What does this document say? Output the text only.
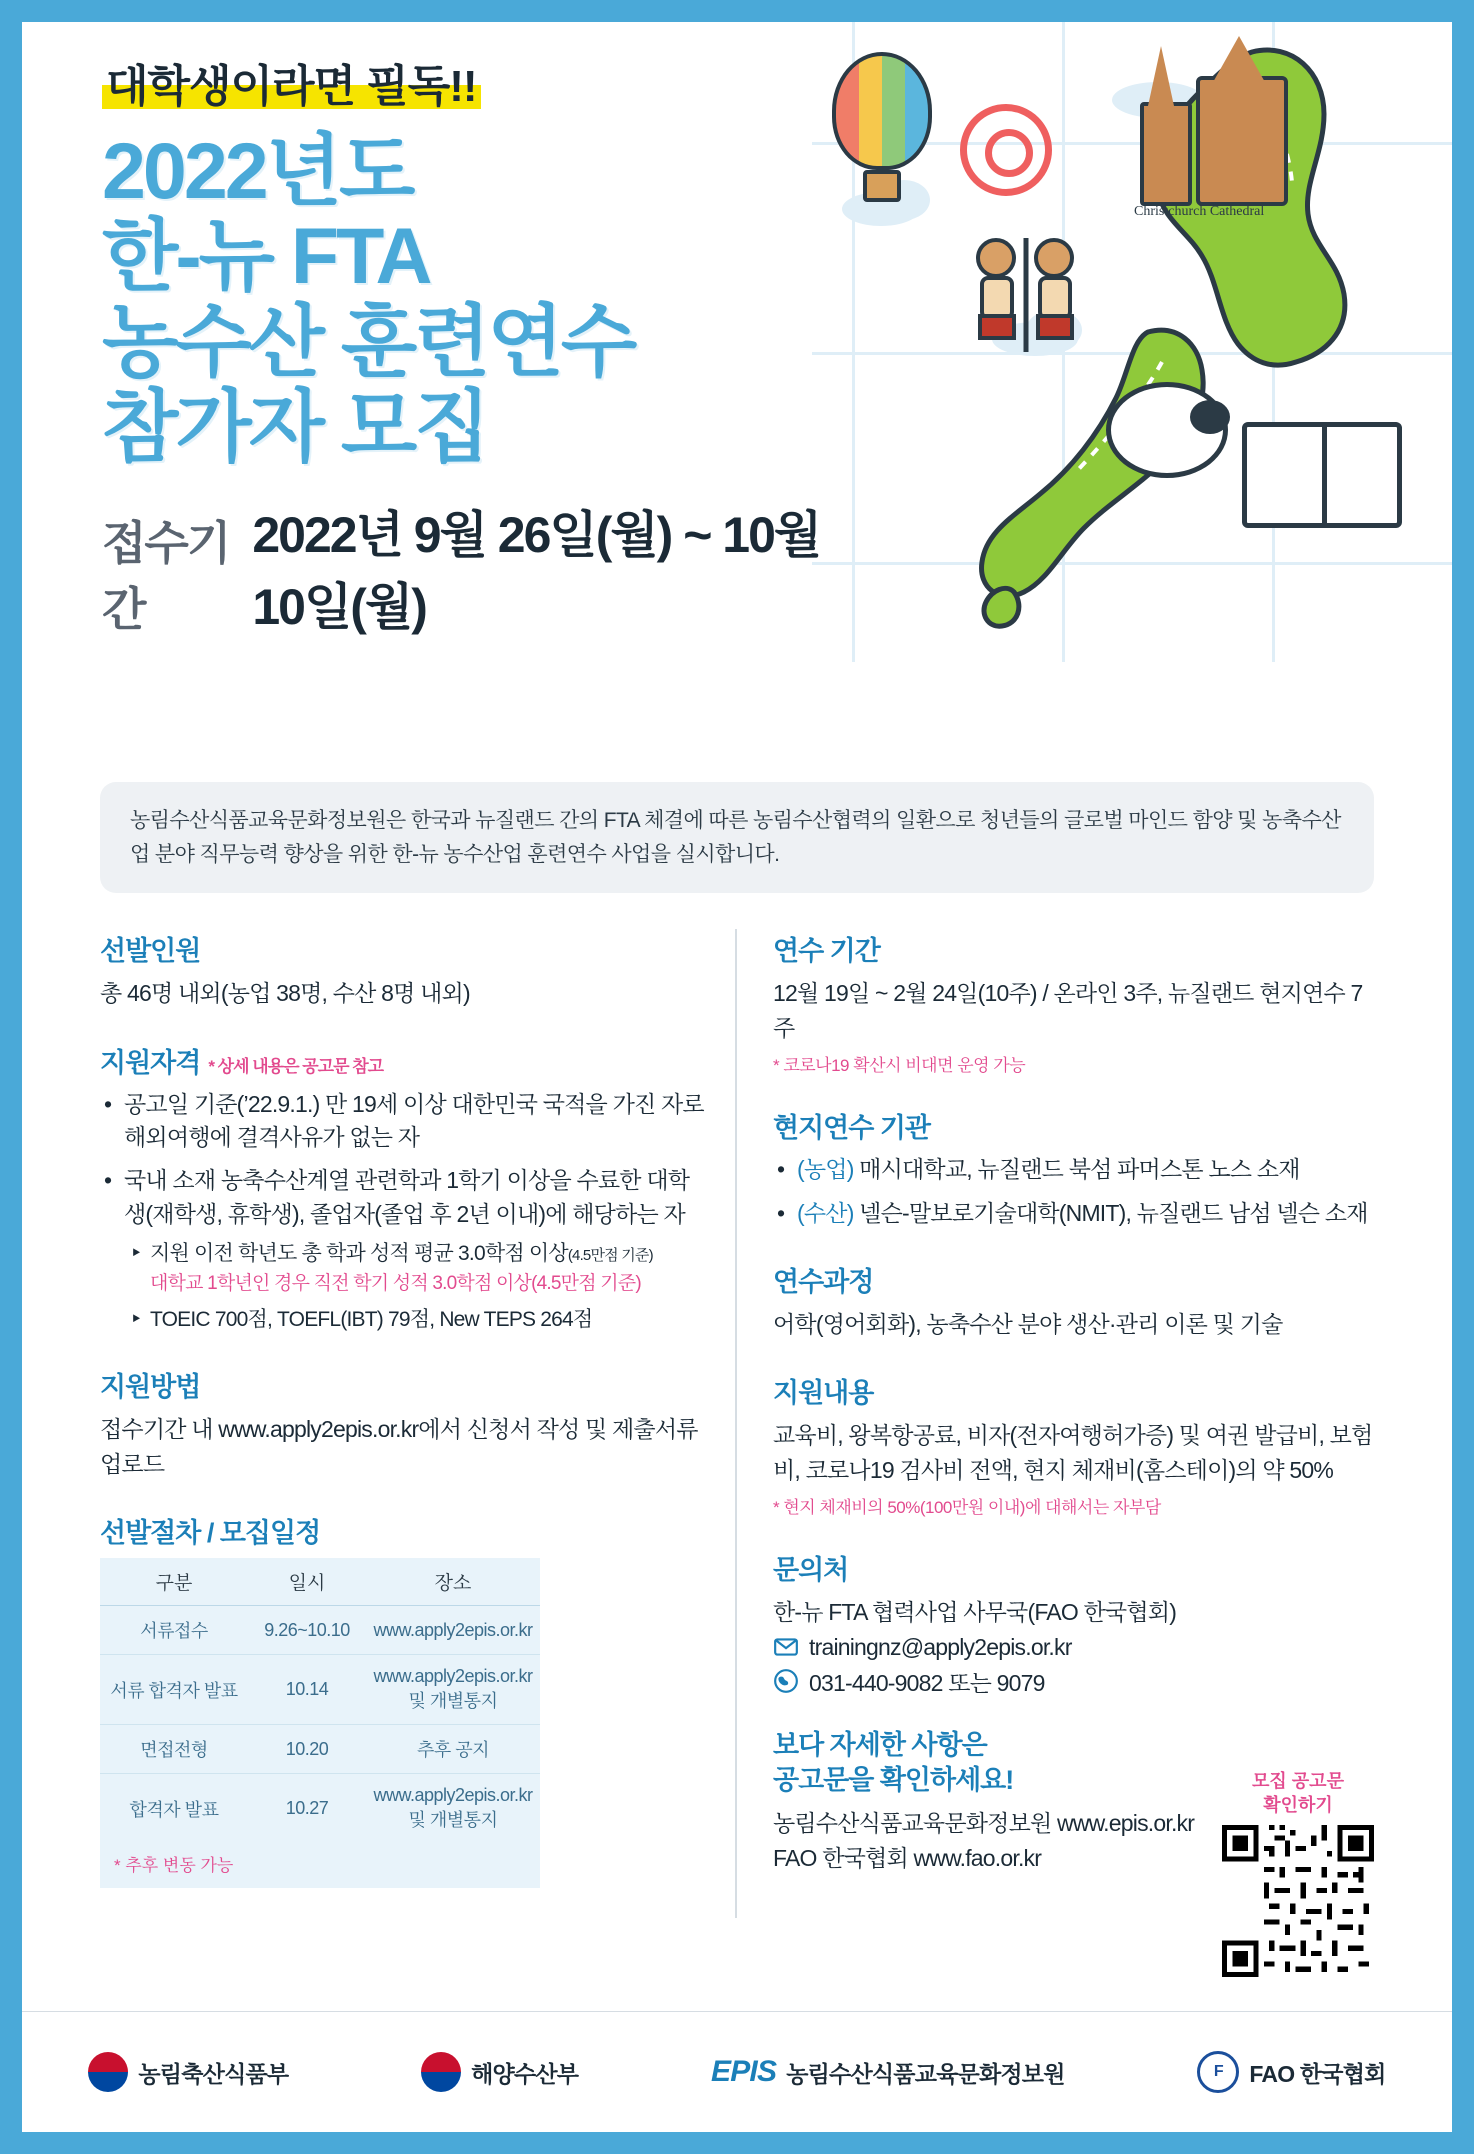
Christchurch Cathedral
대학생이라면 필독!!
2022년도
한-뉴 FTA
농수산 훈련연수
참가자 모집
접수기간
2022년 9월 26일(월) ~ 10월 10일(월)
농림수산식품교육문화정보원은 한국과 뉴질랜드 간의 FTA 체결에 따른 농림수산협력의 일환으로 청년들의 글로벌 마인드 함양 및 농축수산업 분야 직무능력 향상을 위한 한-뉴 농수산업 훈련연수 사업을 실시합니다.
선발인원

총 46명 내외(농업 38명, 수산 8명 내외)

지원자격 * 상세 내용은 공고문 참고
• 공고일 기준(’22.9.1.) 만 19세 이상 대한민국 국적을 가진 자로 해외여행에 결격사유가 없는 자
• 국내 소재 농축수산계열 관련학과 1학기 이상을 수료한 대학생(재학생, 휴학생), 졸업자(졸업 후 2년 이내)에 해당하는 자
‣ 지원 이전 학년도 총 학과 성적 평균 3.0학점 이상(4.5만점 기준)
대학교 1학년인 경우 직전 학기 성적 3.0학점 이상(4.5만점 기준)
‣ TOEIC 700점, TOEFL(IBT) 79점, New TEPS 264점
지원방법

접수기간 내 www.apply2epis.or.kr에서 신청서 작성 및 제출서류 업로드

선발절차 / 모집일정
구분	일시	장소
서류접수	9.26~10.10	www.apply2epis.or.kr
서류 합격자 발표	10.14	www.apply2epis.or.kr 및 개별통지
면접전형	10.20	추후 공지
합격자 발표	10.27	www.apply2epis.or.kr 및 개별통지
* 추후 변동 가능
연수 기간

12월 19일 ~ 2월 24일(10주) / 온라인 3주, 뉴질랜드 현지연수 7주

* 코로나19 확산시 비대면 운영 가능

현지연수 기관
• (농업) 매시대학교, 뉴질랜드 북섬 파머스톤 노스 소재
• (수산) 넬슨-말보로기술대학(NMIT), 뉴질랜드 남섬 넬슨 소재
연수과정

어학(영어회화), 농축수산 분야 생산·관리 이론 및 기술

지원내용

교육비, 왕복항공료, 비자(전자여행허가증) 및 여권 발급비, 보험비, 코로나19 검사비 전액, 현지 체재비(홈스테이)의 약 50%

* 현지 체재비의 50%(100만원 이내)에 대해서는 자부담

문의처

한-뉴 FTA 협력사업 사무국(FAO 한국협회)

trainingnz@apply2epis.or.kr
031-440-9082 또는 9079
보다 자세한 사항은
공고문을 확인하세요!

농림수산식품교육문화정보원 www.epis.or.kr

FAO 한국협회 www.fao.or.kr

모집 공고문
확인하기
농림축산식품부	해양수산부	EPIS 농림수산식품교육문화정보원	F	FAO 한국협회
